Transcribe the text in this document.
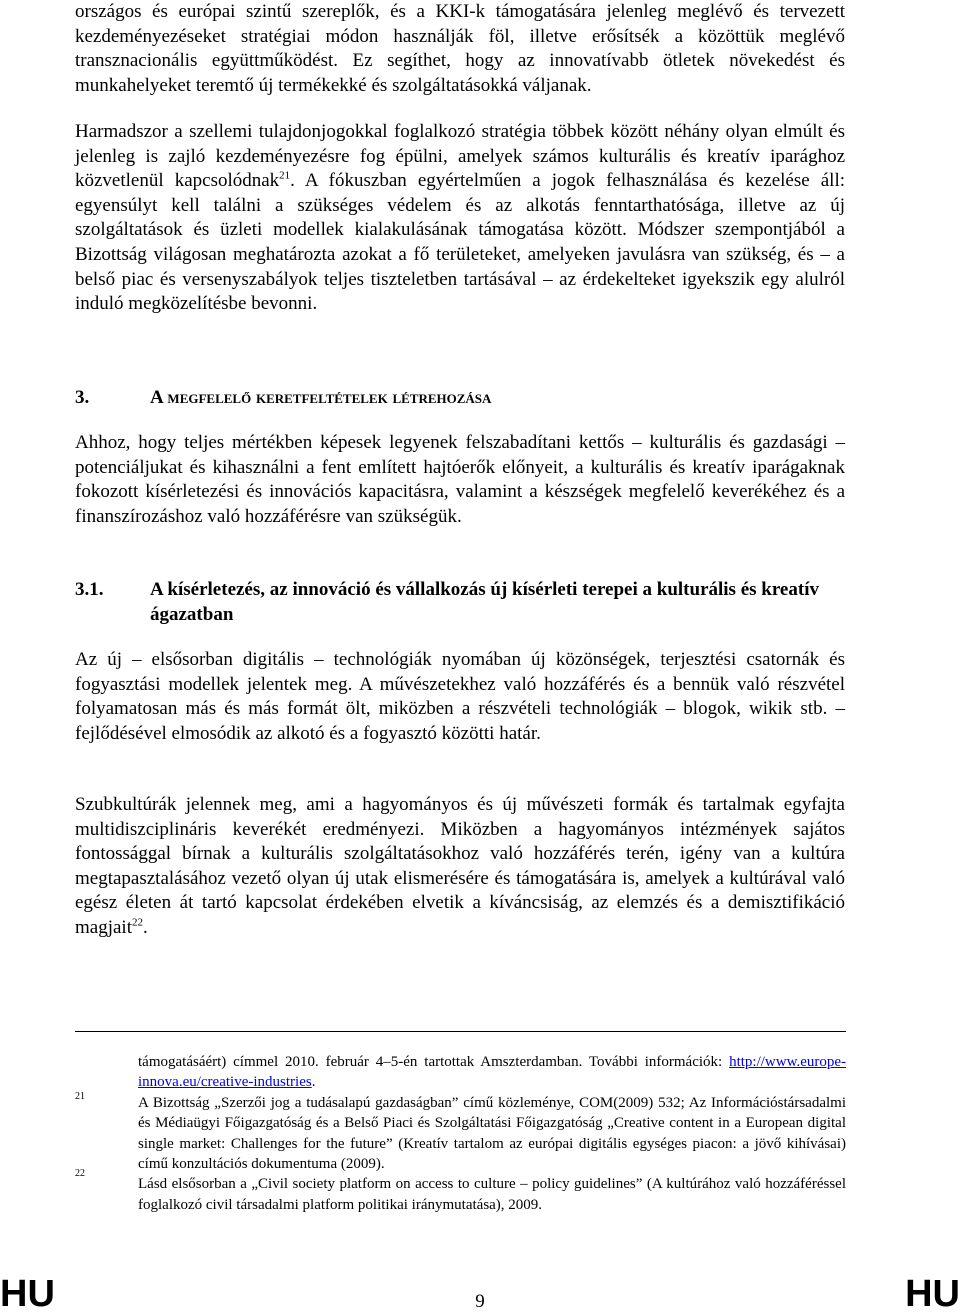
országos és európai szintű szereplők, és a KKI-k támogatására jelenleg meglévő és tervezett kezdeményezéseket stratégiai módon használják föl, illetve erősítsék a közöttük meglévő transznacionális együttműködést. Ez segíthet, hogy az innovatívabb ötletek növekedést és munkahelyeket teremtő új termékekké és szolgáltatásokká váljanak.

Harmadszor a szellemi tulajdonjogokkal foglalkozó stratégia többek között néhány olyan elmúlt és jelenleg is zajló kezdeményezésre fog épülni, amelyek számos kulturális és kreatív iparághoz közvetlenül kapcsolódnak$^{21}$. A fókuszban egyértelműen a jogok felhasználása és kezelése áll: egyensúlyt kell találni a szükséges védelem és az alkotás fenntarthatósága, illetve az új szolgáltatások és üzleti modellek kialakulásának támogatása között. Módszer szempontjából a Bizottság világosan meghatározta azokat a fő területeket, amelyeken javulásra van szükség, és – a belső piac és versenyszabályok teljes tiszteletben tartásával – az érdekelteket igyekszik egy alulról induló megközelítésbe bevonni.

3.	A megfelelő keretfeltételek létrehozása

Ahhoz, hogy teljes mértékben képesek legyenek felszabadítani kettős – kulturális és gazdasági – potenciáljukat és kihasználni a fent említett hajtóerők előnyeit, a kulturális és kreatív iparágaknak fokozott kísérletezési és innovációs kapacitásra, valamint a készségek megfelelő keverékéhez és a finanszírozáshoz való hozzáférésre van szükségük.

3.1. A kísérletezés, az innováció és vállalkozás új kísérleti terepei a kulturális és kreatív ágazatban

Az új – elsősorban digitális – technológiák nyomában új közönségek, terjesztési csatornák és fogyasztási modellek jelentek meg. A művészetekhez való hozzáférés és a bennük való részvétel folyamatosan más és más formát ölt, miközben a részvételi technológiák – blogok, wikik stb. – fejlődésével elmosódik az alkotó és a fogyasztó közötti határ.

Szubkultúrák jelennek meg, ami a hagyományos és új művészeti formák és tartalmak egyfajta multidiszciplináris keverékét eredményezi. Miközben a hagyományos intézmények sajátos fontossággal bírnak a kulturális szolgáltatásokhoz való hozzáférés terén, igény van a kultúra megtapasztalásához vezető olyan új utak elismerésére és támogatására is, amelyek a kultúrával való egész életen át tartó kapcsolat érdekében elvetik a kíváncsiság, az elemzés és a demisztifikáció magjait$^{22}$.

támogatásáért) címmel 2010. február 4–5-én tartottak Amszterdamban. További információk: http://www.europe-innova.eu/creative-industries.

21	A Bizottság „Szerzői jog a tudásalapú gazdaságban” című közleménye, COM(2009) 532; Az Információstársadalmi és Médiaügyi Főigazgatóság és a Belső Piaci és Szolgáltatási Főigazgatóság „Creative content in a European digital single market: Challenges for the future” (Kreatív tartalom az európai digitális egységes piacon: a jövő kihívásai) című konzultációs dokumentuma (2009).

22

Lásd elsősorban a „Civil society platform on access to culture – policy guidelines” (A kultúrához való hozzáféréssel foglalkozó civil társadalmi platform politikai iránymutatása), 2009.

HU	9	HU
